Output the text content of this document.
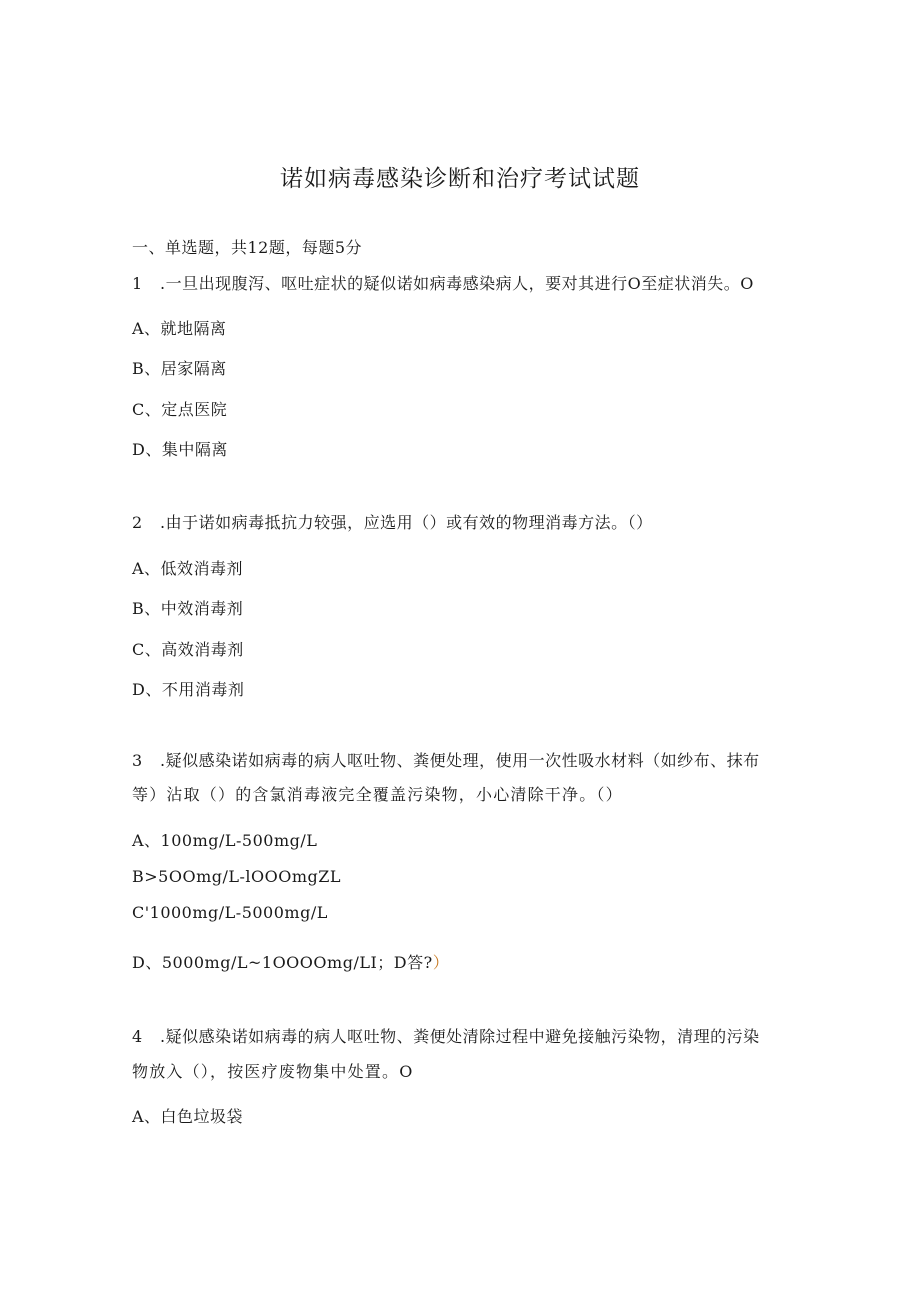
诺如病毒感染诊断和治疗考试试题
一、单选题，共12题，每题5分
1 .一旦出现腹泻、呕吐症状的疑似诺如病毒感染病人，要对其进行O至症状消失。O
A、就地隔离
B、居家隔离
C、定点医院
D、集中隔离
2 .由于诺如病毒抵抗力较强，应选用（）或有效的物理消毒方法。（）
A、低效消毒剂
B、中效消毒剂
C、高效消毒剂
D、不用消毒剂
3 .疑似感染诺如病毒的病人呕吐物、粪便处理，使用一次性吸水材料（如纱布、抹布
等）沾取（）的含氯消毒液完全覆盖污染物，小心清除干净。（）
A、100mg∕L-500mg∕L
B>5OOmg∕L-lOOOmgZL
C'1000mg∕L-5000mg∕L
D、5000mg∕L~1OOOOmg/LI；D答?）
4 .疑似感染诺如病毒的病人呕吐物、粪便处清除过程中避免接触污染物，清理的污染
物放入（），按医疗废物集中处置。O
A、白色垃圾袋
